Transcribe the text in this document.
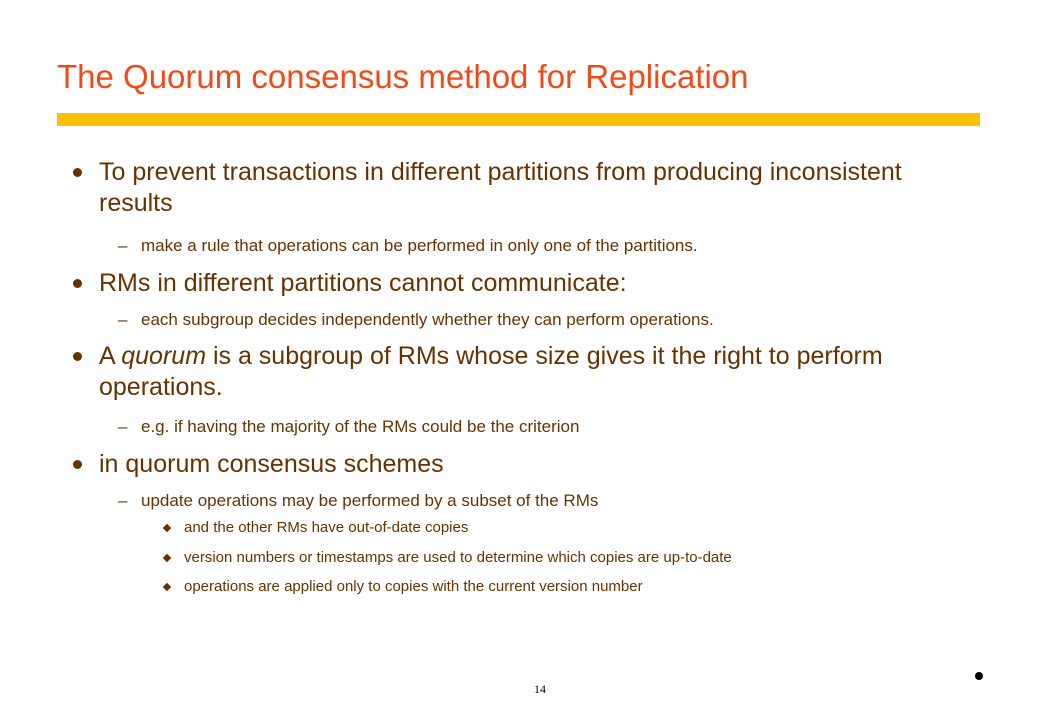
The Quorum consensus method for Replication
To prevent transactions in different partitions from producing inconsistent results
– make a rule that operations can be performed in only one of the partitions.
RMs in different partitions cannot communicate:
– each subgroup decides independently whether they can perform operations.
A quorum is a subgroup of RMs whose size gives it the right to perform operations.
– e.g. if having the majority of the RMs could be the criterion
in quorum consensus schemes
– update operations may be performed by a subset of the RMs
and the other RMs have out-of-date copies
version numbers or timestamps are used to determine which copies are up-to-date
operations are applied only to copies with the current version number
14
